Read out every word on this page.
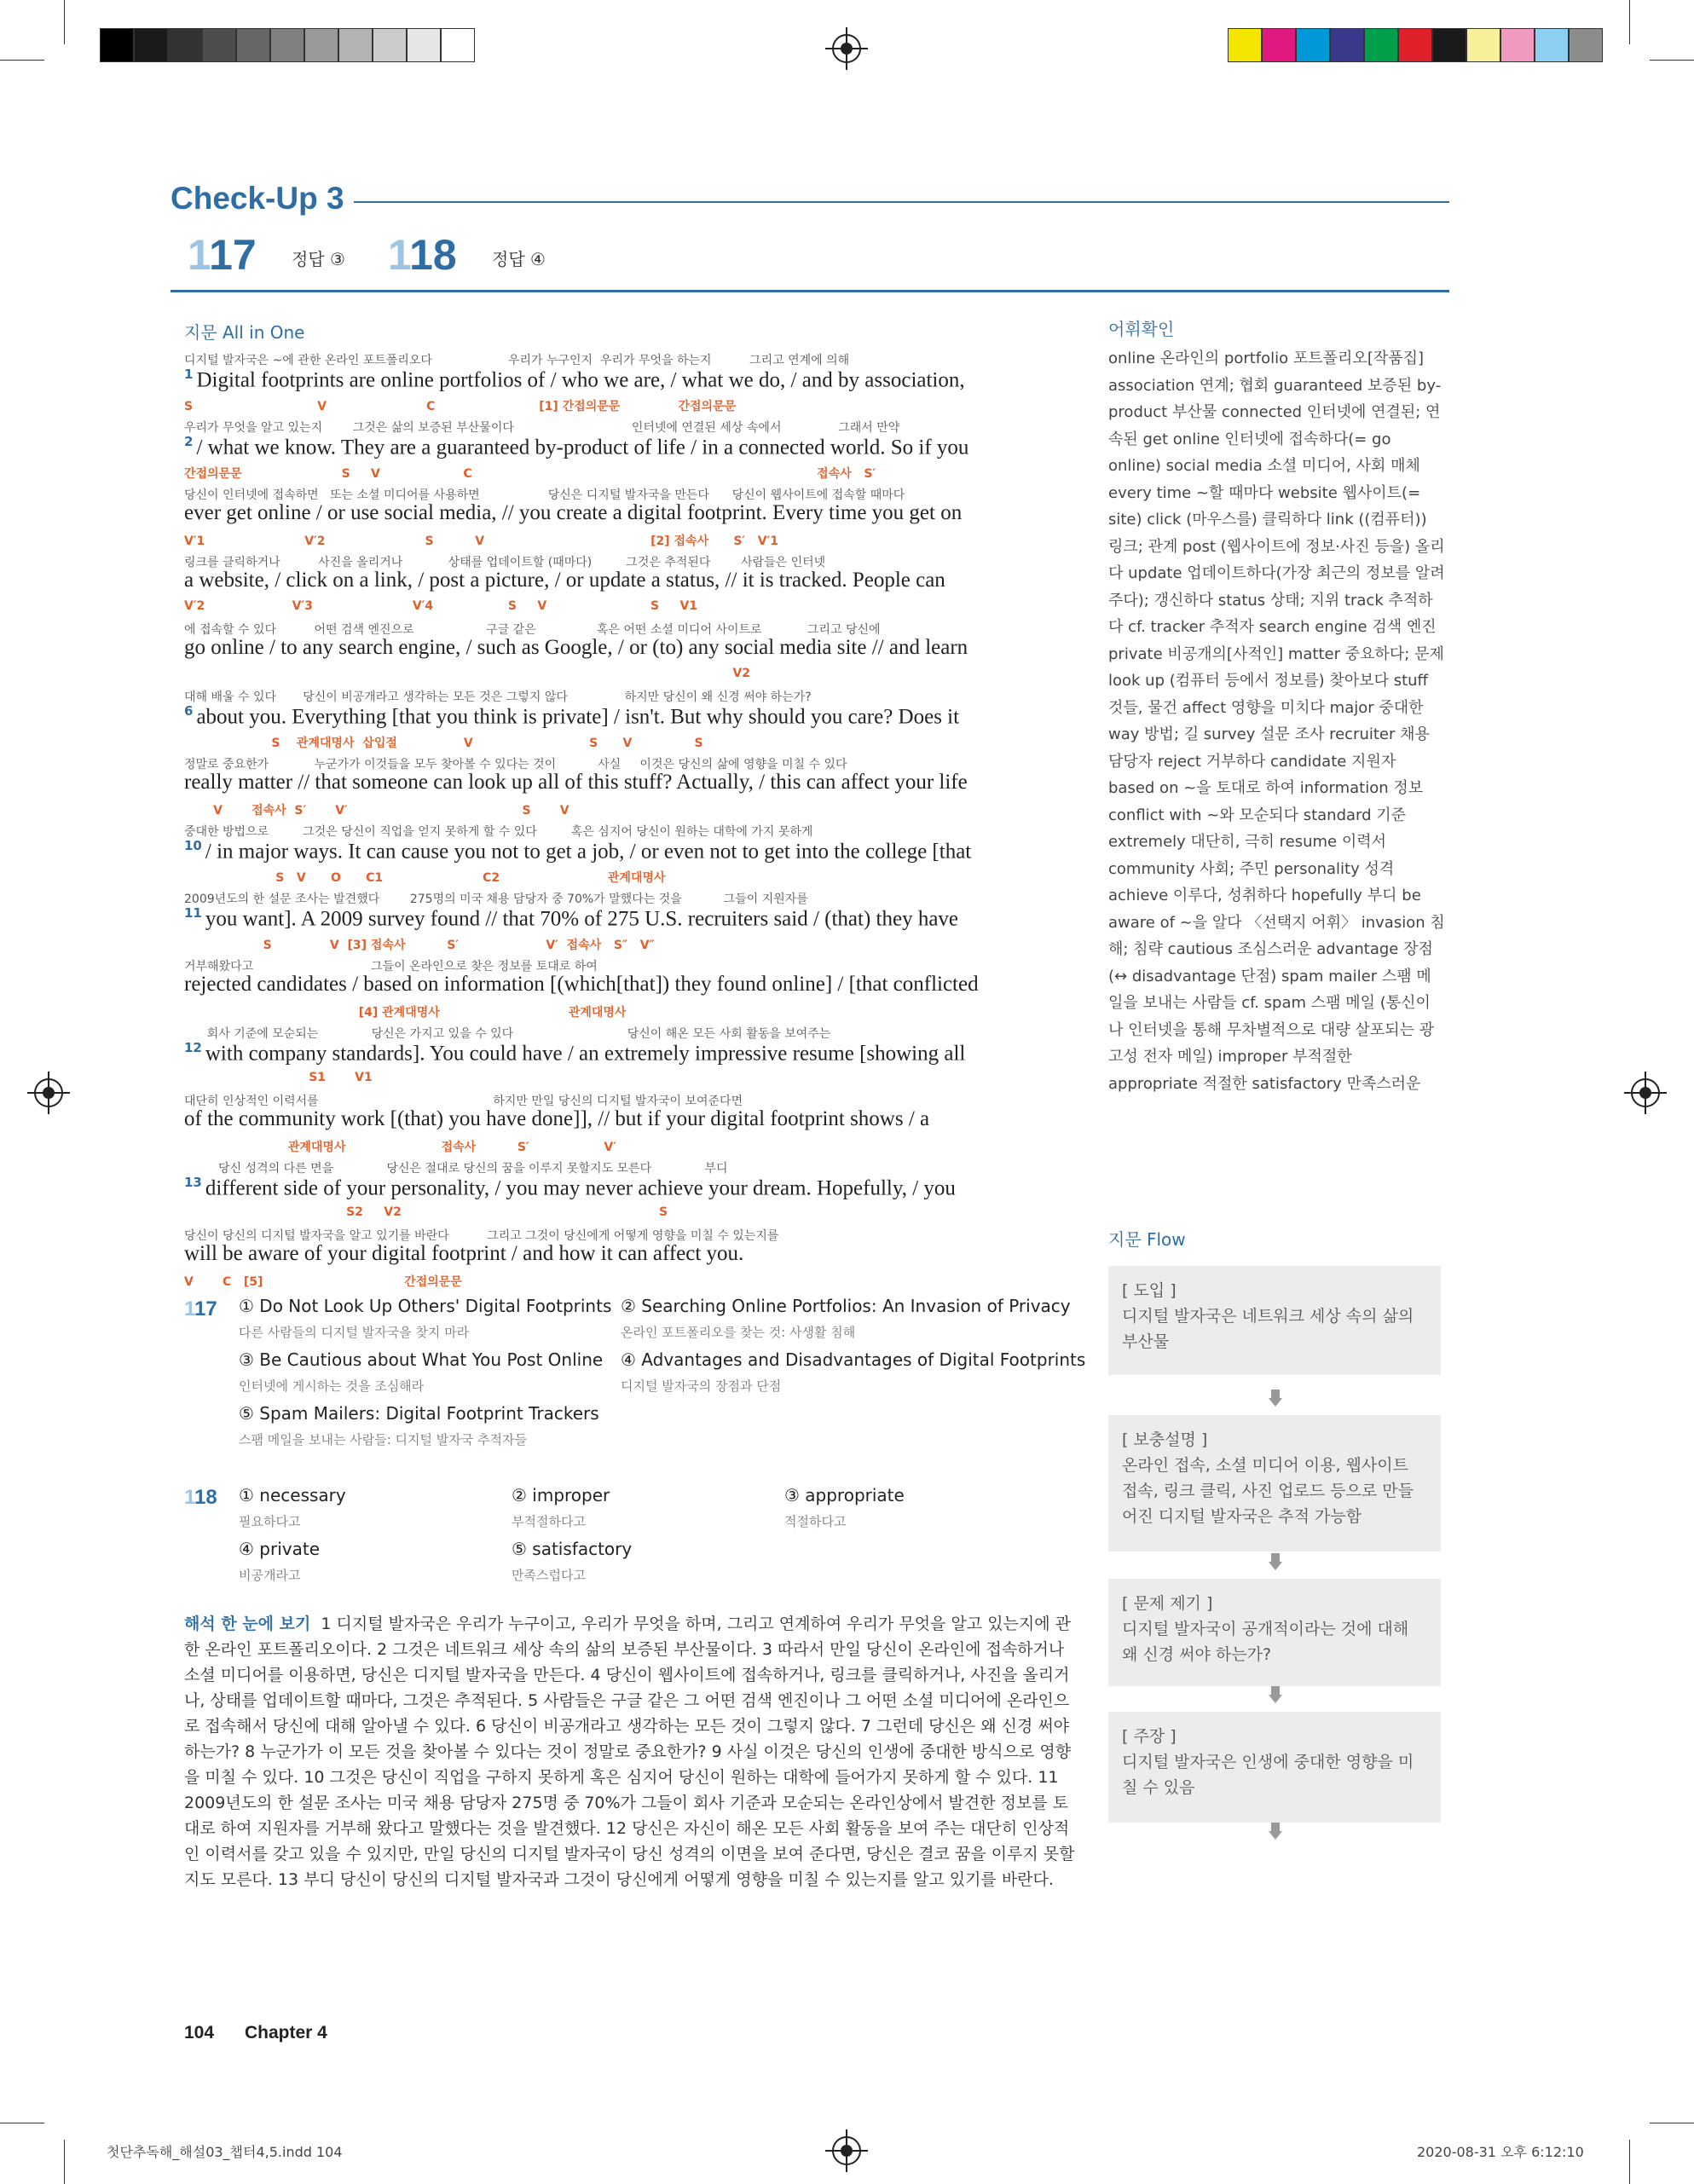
Check-Up 3
117 정답 ③ 118 정답 ④
지문 All in One
디지털 발자국은 ~에 관한 온라인 포트폴리오다                    우리가 누구인지  우리가 무엇을 하는지          그리고 연계에 의해
$^1$ Digital footprints are online portfolios of / who we are, / what we do, / and by association,
S                              V                        C                         [1] 간접의문문              간접의문문
우리가 무엇을 알고 있는지        그것은 삶의 보증된 부산물이다                               인터넷에 연결된 세상 속에서               그래서 만약
$^2$ / what we know. They are a guaranteed by-product of life / in a connected world. So if you
간접의문문                        S     V                    C                                                                                   접속사   S′
당신이 인터넷에 접속하면   또는 소셜 미디어를 사용하면                  당신은 디지털 발자국을 만든다      당신이 웹사이트에 접속할 때마다
ever get online / or use social media, // you create a digital footprint. Every time you get on
V′1                        V′2                        S          V                                        [2] 접속사      S′   V′1
링크를 클릭하거나          사진을 올리거나            상태를 업데이트할 (때마다)         그것은 추적된다        사람들은 인터넷
a website, / click on a link, / post a picture, / or update a status, // it is tracked. People can
V′2                     V′3                        V′4                  S     V                         S     V1
에 접속할 수 있다          어떤 검색 엔진으로                   구글 같은                혹은 어떤 소셜 미디어 사이트로            그리고 당신에
go online / to any search engine, / such as Google, / or (to) any social media site // and learn
V2
대해 배울 수 있다       당신이 비공개라고 생각하는 모든 것은 그렇지 않다               하지만 당신이 왜 신경 써야 하는가?
$^6$ about you. Everything [that you think is private] / isn't. But why should you care? Does it
S    관계대명사  삽입절                V                            S      V               S
정말로 중요한가            누군가가 이것들을 모두 찾아볼 수 있다는 것이           사실     이것은 당신의 삶에 영향을 미칠 수 있다
really matter // that someone can look up all of this stuff? Actually, / this can affect your life
V       접속사  S′       V′                                          S       V
중대한 방법으로         그것은 당신이 직업을 얻지 못하게 할 수 있다         혹은 심지어 당신이 원하는 대학에 가지 못하게
$^{10}$ / in major ways. It can cause you not to get a job, / or even not to get into the college [that
S   V      O      C1                        C2                          관계대명사
2009년도의 한 설문 조사는 발견했다        275명의 미국 채용 담당자 중 70%가 말했다는 것을           그들이 지원자를
$^{11}$ you want]. A 2009 survey found // that 70% of 275 U.S. recruiters said / (that) they have
S              V  [3] 접속사          S′                     V′  접속사   S″   V″
거부해왔다고                               그들이 온라인으로 찾은 정보를 토대로 하여
rejected candidates / based on information [(which[that]) they found online] / [that conflicted
[4] 관계대명사                               관계대명사
회사 기준에 모순되는              당신은 가지고 있을 수 있다                              당신이 해온 모든 사회 활동을 보여주는
$^{12}$ with company standards]. You could have / an extremely impressive resume [showing all
S1       V1
대단히 인상적인 이력서를                                              하지만 만일 당신의 디지털 발자국이 보여준다면
of the community work [(that) you have done]], // but if your digital footprint shows / a
관계대명사                       접속사          S′                  V′
당신 성격의 다른 면을              당신은 절대로 당신의 꿈을 이루지 못할지도 모른다              부디
$^{13}$ different side of your personality, / you may never achieve your dream. Hopefully, / you
S2     V2                                                              S
당신이 당신의 디지털 발자국을 알고 있기를 바란다          그리고 그것이 당신에게 어떻게 영향을 미칠 수 있는지를
will be aware of your digital footprint / and how it can affect you.
V       C   [5]                                  간접의문문
117 ① Do Not Look Up Others' Digital Footprints
다른 사람들의 디지털 발자국을 찾지 마라
② Searching Online Portfolios: An Invasion of Privacy
온라인 포트폴리오를 찾는 것: 사생활 침해
③ Be Cautious about What You Post Online
인터넷에 게시하는 것을 조심해라
④ Advantages and Disadvantages of Digital Footprints
디지털 발자국의 장점과 단점
⑤ Spam Mailers: Digital Footprint Trackers
스팸 메일을 보내는 사람들: 디지털 발자국 추적자들
118 ① necessary
필요하다고
② improper
부적절하다고
③ appropriate
적절하다고
④ private
비공개라고
⑤ satisfactory
만족스럽다고
해석 한 눈에 보기 1 디지털 발자국은 우리가 누구이고, 우리가 무엇을 하며, 그리고 연계하여 우리가 무엇을 알고 있는지에 관한 온라인 포트폴리오이다. 2 그것은 네트워크 세상 속의 삶의 보증된 부산물이다. 3 따라서 만일 당신이 온라인에 접속하거나 소셜 미디어를 이용하면, 당신은 디지털 발자국을 만든다. 4 당신이 웹사이트에 접속하거나, 링크를 클릭하거나, 사진을 올리거나, 상태를 업데이트할 때마다, 그것은 추적된다. 5 사람들은 구글 같은 그 어떤 검색 엔진이나 그 어떤 소셜 미디어에 온라인으로 접속해서 당신에 대해 알아낼 수 있다. 6 당신이 비공개라고 생각하는 모든 것이 그렇지 않다. 7 그런데 당신은 왜 신경 써야 하는가? 8 누군가가 이 모든 것을 찾아볼 수 있다는 것이 정말로 중요한가? 9 사실 이것은 당신의 인생에 중대한 방식으로 영향을 미칠 수 있다. 10 그것은 당신이 직업을 구하지 못하게 혹은 심지어 당신이 원하는 대학에 들어가지 못하게 할 수 있다. 11 2009년도의 한 설문 조사는 미국 채용 담당자 275명 중 70%가 그들이 회사 기준과 모순되는 온라인상에서 발견한 정보를 토대로 하여 지원자를 거부해 왔다고 말했다는 것을 발견했다. 12 당신은 자신이 해온 모든 사회 활동을 보여 주는 대단히 인상적인 이력서를 갖고 있을 수 있지만, 만일 당신의 디지털 발자국이 당신 성격의 이면을 보여 준다면, 당신은 결코 꿈을 이루지 못할지도 모른다. 13 부디 당신이 당신의 디지털 발자국과 그것이 당신에게 어떻게 영향을 미칠 수 있는지를 알고 있기를 바란다.
어휘확인
online 온라인의 portfolio 포트폴리오[작품집] association 연계; 협회 guaranteed 보증된 by-product 부산물 connected 인터넷에 연결된; 연속된 get online 인터넷에 접속하다(= go online) social media 소셜 미디어, 사회 매체 every time ~할 때마다 website 웹사이트(= site) click (마우스를) 클릭하다 link ((컴퓨터)) 링크; 관계 post (웹사이트에 정보·사진 등을) 올리다 update 업데이트하다(가장 최근의 정보를 알려주다); 갱신하다 status 상태; 지위 track 추적하다 cf. tracker 추적자 search engine 검색 엔진 private 비공개의[사적인] matter 중요하다; 문제 look up (컴퓨터 등에서 정보를) 찾아보다 stuff 것들, 물건 affect 영향을 미치다 major 중대한 way 방법; 길 survey 설문 조사 recruiter 채용 담당자 reject 거부하다 candidate 지원자 based on ~을 토대로 하여 information 정보 conflict with ~와 모순되다 standard 기준 extremely 대단히, 극히 resume 이력서 community 사회; 주민 personality 성격 achieve 이루다, 성취하다 hopefully 부디 be aware of ~을 알다 〈선택지 어휘〉 invasion 침해; 침략 cautious 조심스러운 advantage 장점(↔ disadvantage 단점) spam mailer 스팸 메일을 보내는 사람들 cf. spam 스팸 메일 (통신이나 인터넷을 통해 무차별적으로 대량 살포되는 광고성 전자 메일) improper 부적절한 appropriate 적절한 satisfactory 만족스러운
지문 Flow
[ 도입 ]
디지털 발자국은 네트워크 세상 속의 삶의 부산물
[ 보충설명 ]
온라인 접속, 소셜 미디어 이용, 웹사이트 접속, 링크 클릭, 사진 업로드 등으로 만들어진 디지털 발자국은 추적 가능함
[ 문제 제기 ]
디지털 발자국이 공개적이라는 것에 대해 왜 신경 써야 하는가?
[ 주장 ]
디지털 발자국은 인생에 중대한 영향을 미칠 수 있음
104 Chapter 4
첫단추독해_해설03_챕터4,5.indd 104	2020-08-31 오후 6:12:10
